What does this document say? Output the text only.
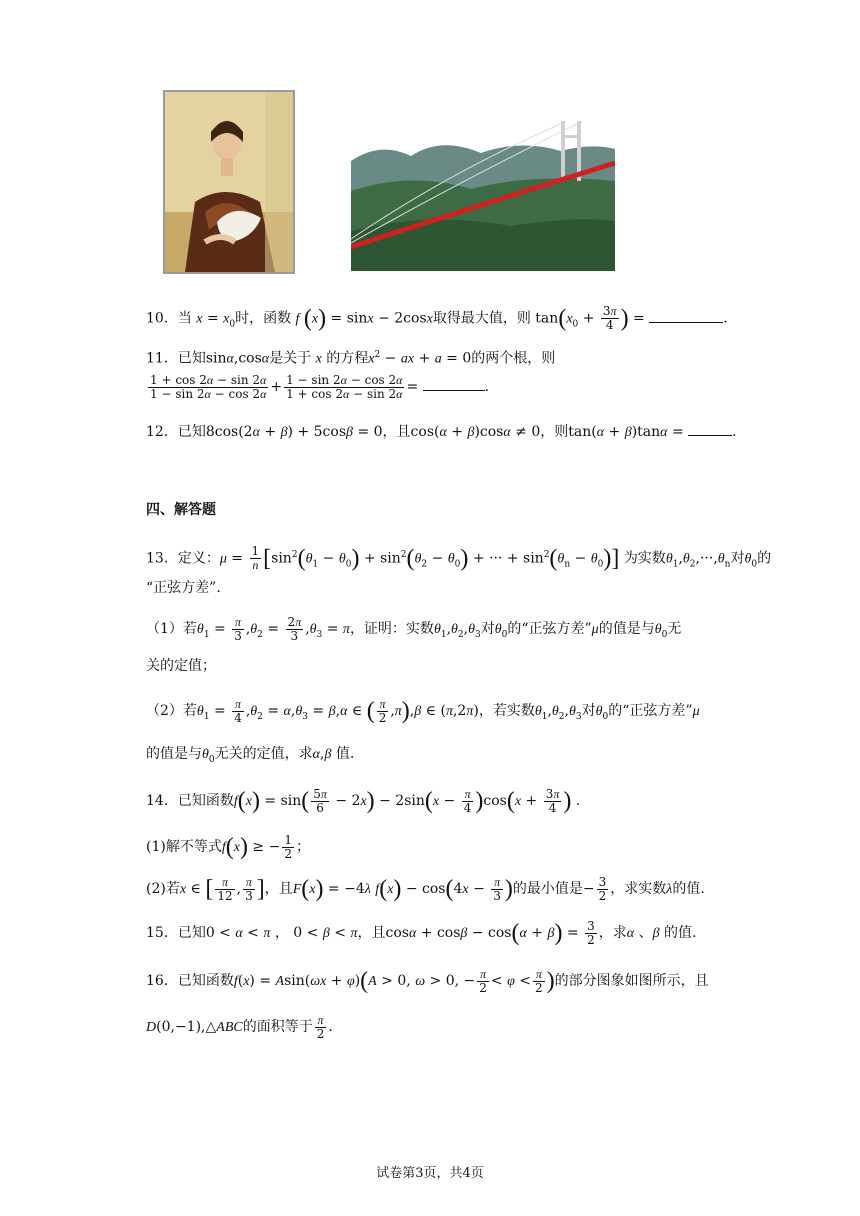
10．当 $x = x_0$时，函数 f (x) = sinx − 2cosx取得最大值，则 $\tan(x_0 + \frac{3\pi}{4}$ ) =	.
11．已知sinα,cosα是关于 x 的方程$x^2$ − ax + a = 0的两个根，则
$\frac{1 + \cos 2\alpha - \sin 2\alpha}{1 - \sin 2\alpha - \cos 2\alpha} + \frac{1 - \sin 2\alpha - \cos 2\alpha}{1 + \cos 2\alpha - \sin 2\alpha}$ =	.
12．已知8cos(2α + β) + 5cosβ = 0，且cos(α + β)cosα ≠ 0，则tan(α + β)tanα =	.
四、解答题
13．定义：$\mu = \frac{1}{n} [\sin^2(\theta_1 - \theta_0) + \sin^2(\theta_2 - \theta_0)$ + ··· + $\sin^2(\theta_n - \theta_0)$] 为实数$\theta_1,\theta_2,\cdot\cdot\cdot,\theta_n$对$\theta_0$的
“正弦方差”.
（1）若$\theta_1 = \frac{\pi}{3} ,\theta_2 = \frac{2\pi}{3} ,\theta_3 = \pi$，证明：实数$\theta_1,\theta_2,\theta_3$对$\theta_0$的“正弦方差”μ的值是与$\theta_0$无
关的定值；
（2）若$\theta_1 = \frac{\pi}{4} ,\theta_2 = \alpha,\theta_3 = \beta,\alpha$ ∈ ( $\frac{\pi}{2} ,\pi),\beta$ ∈ (π,2π)，若实数$\theta_1,\theta_2,\theta_3$对$\theta_0$的“正弦方差”μ
的值是与$\theta_0$无关的定值，求α,β 值.
14．已知函数$f(x) = \sin( \frac{5\pi}{6} - 2x) - 2\sin(x - \frac{\pi}{4} )\cos(x + \frac{3\pi}{4}$ ) .
(1)解不等式f(x) ≥ − $\frac{1}{2}$ ；
(2)若x ∈ [ $\frac{\pi}{12}$ , $\frac{\pi}{3}$ ]，且F(x) = −4λ $f(x) - \cos(4x - \frac{\pi}{3}$ )的最小值是− $\frac{3}{2}$ ，求实数λ的值.
15．已知0 < α < π ， 0 < β < π，且$\cos\alpha + \cos\beta - \cos(\alpha + \beta) = \frac{3}{2}$ ，求α 、β 的值.
16．已知函数f(x) = Asin(ωx + φ)(A > 0, ω > 0, − $\frac{\pi}{2} < \varphi < \frac{\pi}{2}$ )的部分图象如图所示，且
D(0,−1),△ABC的面积等于 $\frac{\pi}{2}$ .
试卷第3页，共4页
